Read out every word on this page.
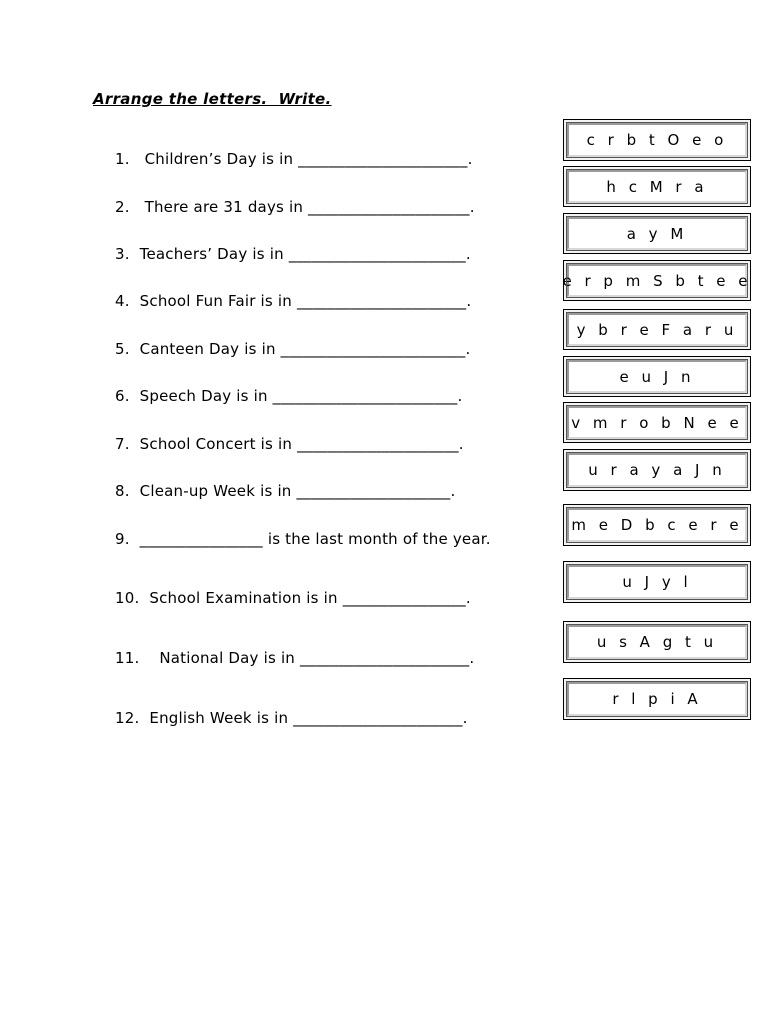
Arrange the letters.  Write.
1.   Children’s Day is in ______________________.
2.   There are 31 days in _____________________.
3.  Teachers’ Day is in _______________________.
4.  School Fun Fair is in ______________________.
5.  Canteen Day is in ________________________.
6.  Speech Day is in ________________________.
7.  School Concert is in _____________________.
8.  Clean-up Week is in ____________________.
9.  ________________ is the last month of the year.
10.  School Examination is in ________________.
11.    National Day is in ______________________.
12.  English Week is in ______________________.
c r b t O e o
h c M r a
a y M
e r p m S b t e e
y b r e F a r u
e u J n
v m r o b N e e
u r a y a J n
m e D b c e r e
u J y l
u s A g t u
r l p i A
